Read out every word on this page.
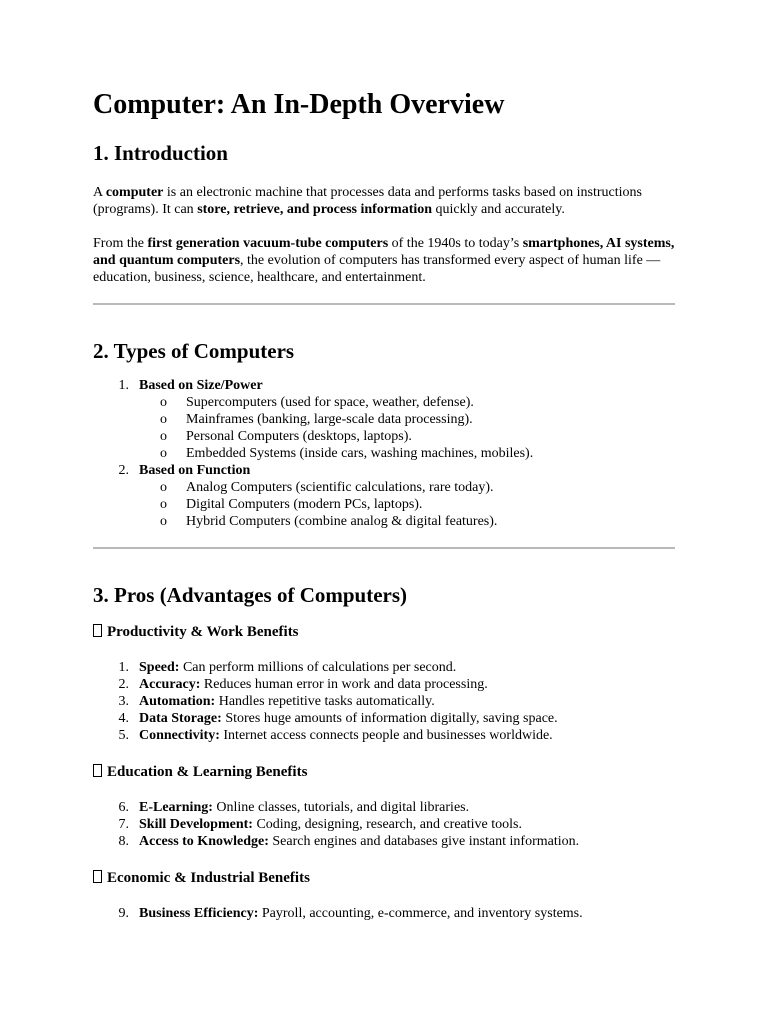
Computer: An In-Depth Overview
1. Introduction

A computer is an electronic machine that processes data and performs tasks based on instructions (programs). It can store, retrieve, and process information quickly and accurately.

From the first generation vacuum-tube computers of the 1940s to today’s smartphones, AI systems, and quantum computers, the evolution of computers has transformed every aspect of human life — education, business, science, healthcare, and entertainment.

2. Types of Computers
1. Based on Size/Power
o Supercomputers (used for space, weather, defense).
o Mainframes (banking, large-scale data processing).
o Personal Computers (desktops, laptops).
o Embedded Systems (inside cars, washing machines, mobiles).
2. Based on Function
o Analog Computers (scientific calculations, rare today).
o Digital Computers (modern PCs, laptops).
o Hybrid Computers (combine analog & digital features).
3. Pros (Advantages of Computers)
Productivity & Work Benefits
1. Speed: Can perform millions of calculations per second.
2. Accuracy: Reduces human error in work and data processing.
3. Automation: Handles repetitive tasks automatically.
4. Data Storage: Stores huge amounts of information digitally, saving space.
5. Connectivity: Internet access connects people and businesses worldwide.
Education & Learning Benefits
6. E-Learning: Online classes, tutorials, and digital libraries.
7. Skill Development: Coding, designing, research, and creative tools.
8. Access to Knowledge: Search engines and databases give instant information.
Economic & Industrial Benefits
9. Business Efficiency: Payroll, accounting, e-commerce, and inventory systems.
